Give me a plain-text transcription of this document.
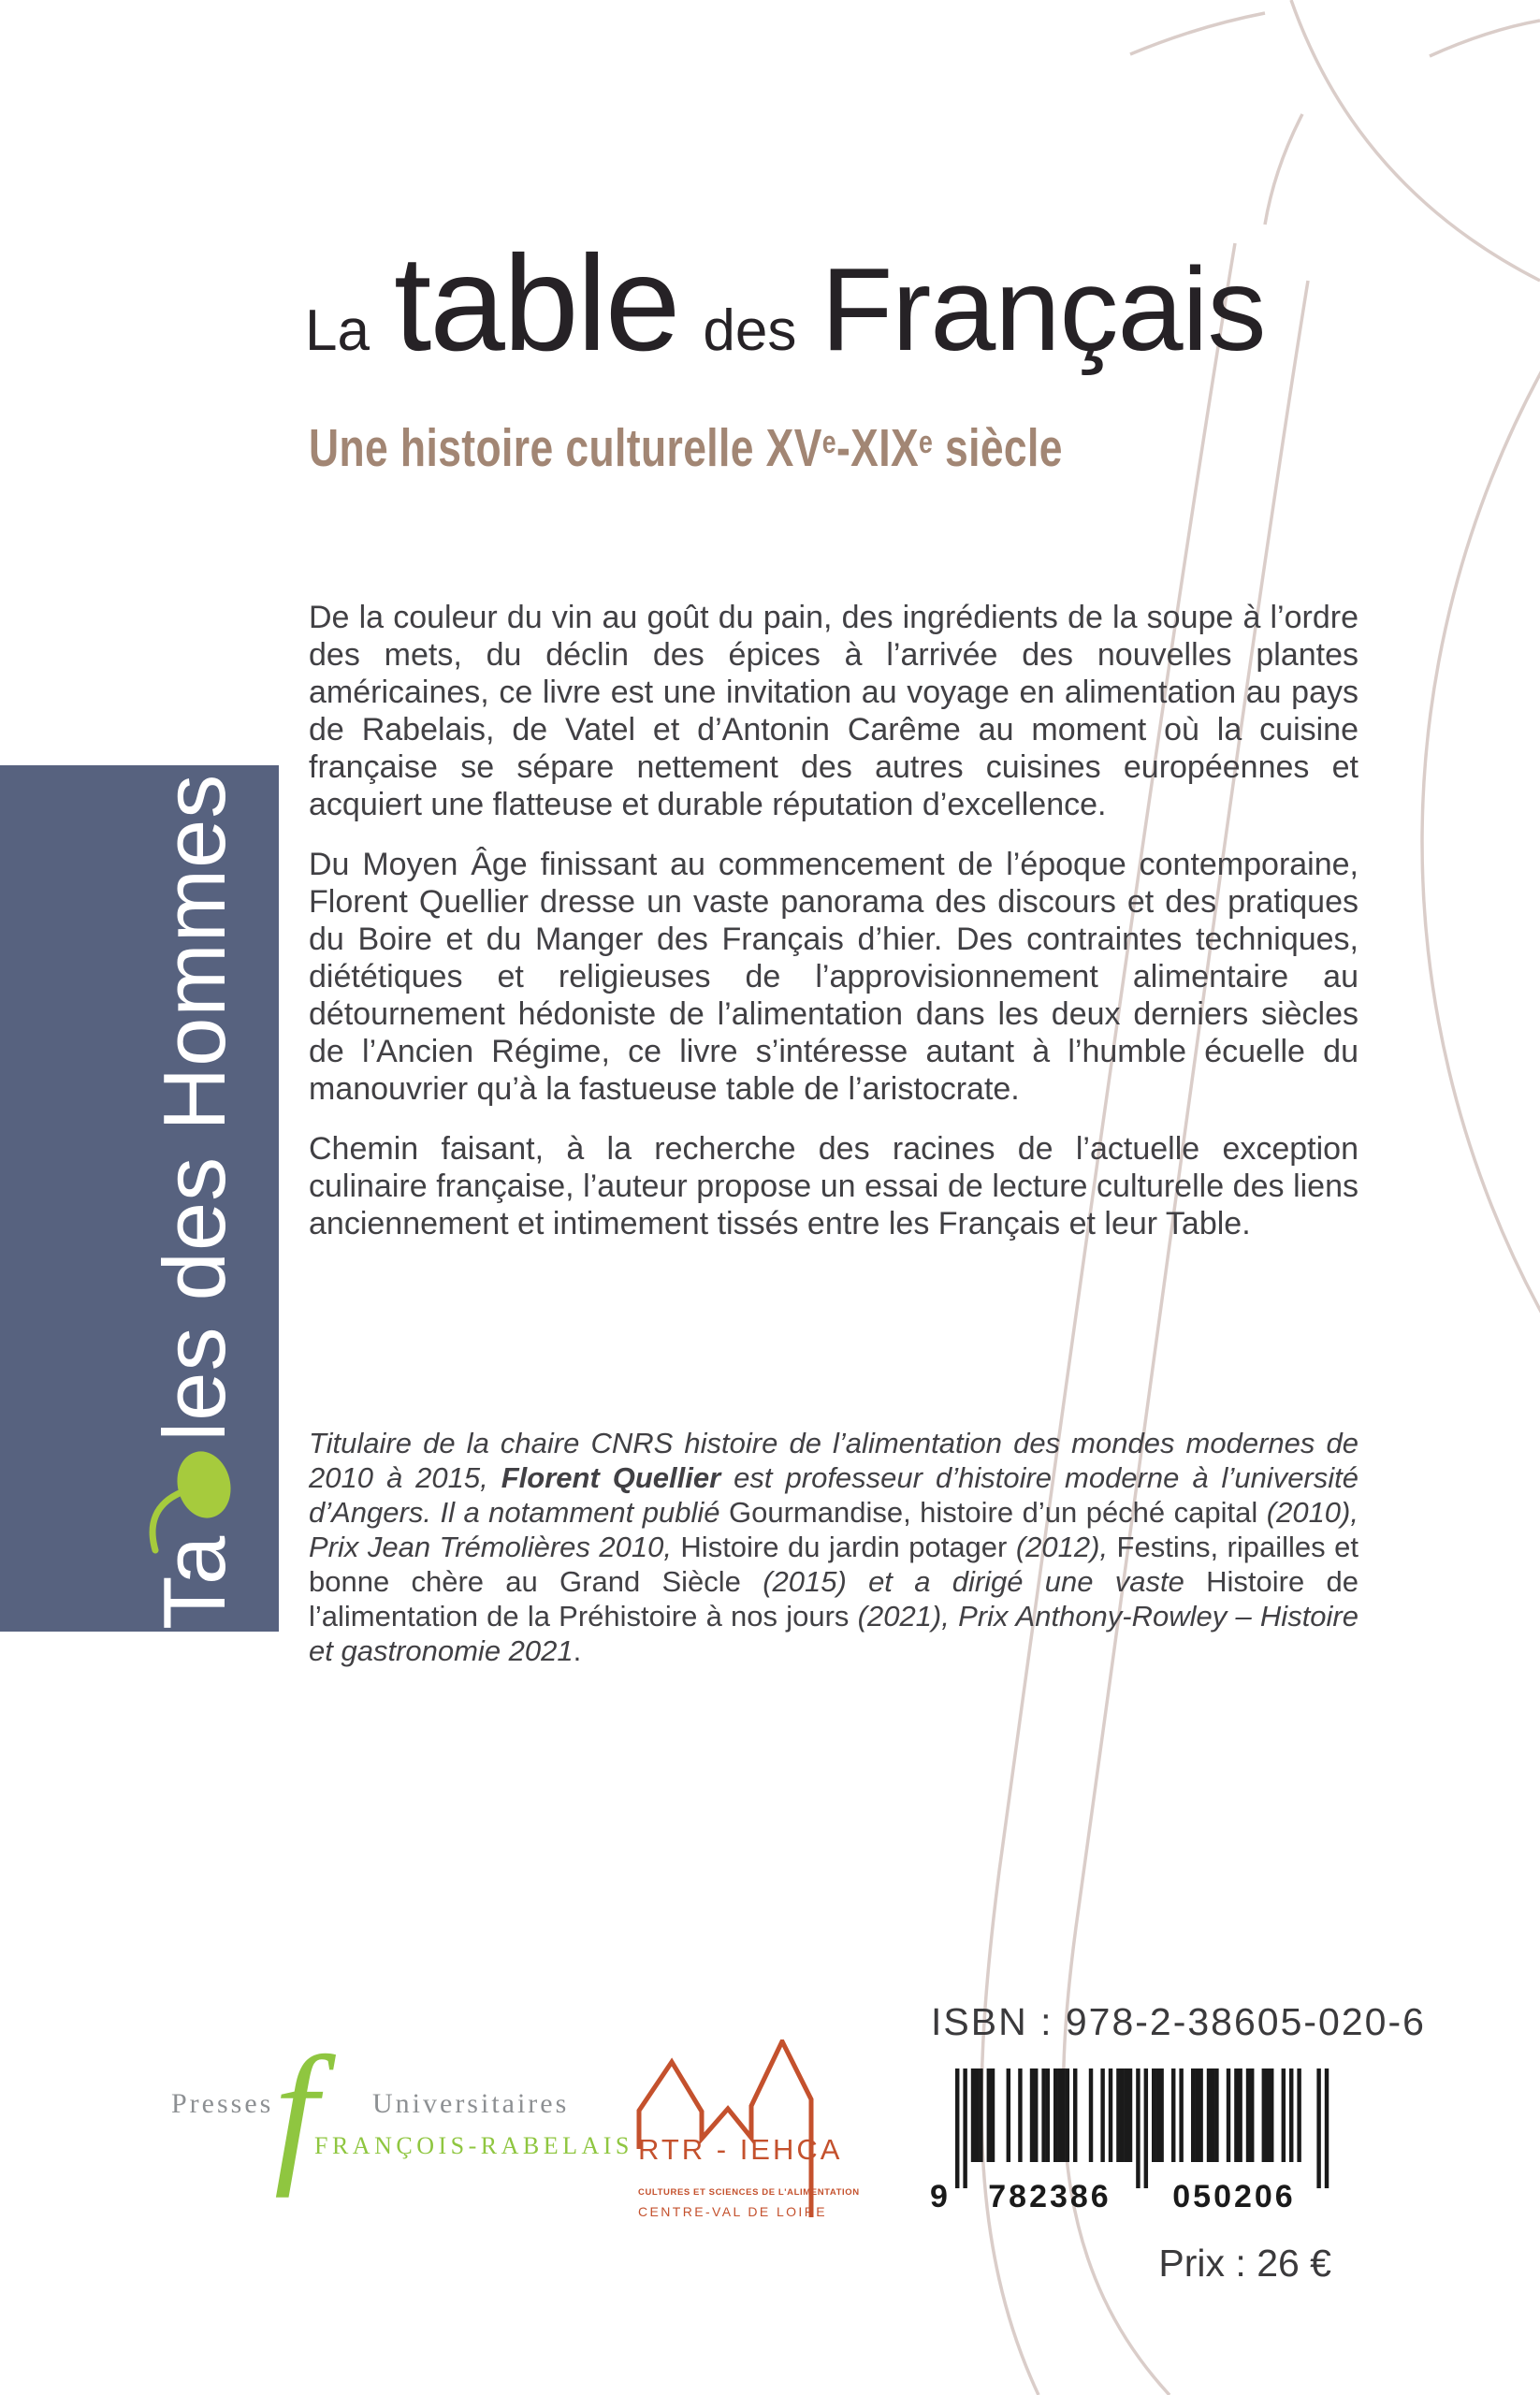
La table des Français
Une histoire culturelle XVe-XIXe siècle

De la couleur du vin au goût du pain, des ingrédients de la soupe à l’ordre des mets, du déclin des épices à l’arrivée des nouvelles plantes américaines, ce livre est une invitation au voyage en alimentation au pays de Rabelais, de Vatel et d’Antonin Carême au moment où la cuisine française se sépare nettement des autres cuisines européennes et acquiert une flatteuse et durable réputation d’excellence.

Du Moyen Âge finissant au commencement de l’époque contemporaine, Florent Quellier dresse un vaste panorama des discours et des pratiques du Boire et du Manger des Français d’hier. Des contraintes techniques, diététiques et religieuses de l’approvisionnement alimentaire au détournement hédoniste de l’alimentation dans les deux derniers siècles de l’Ancien Régime, ce livre s’intéresse autant à l’humble écuelle du manouvrier qu’à la fastueuse table de l’aristocrate.

Chemin faisant, à la recherche des racines de l’actuelle exception culinaire française, l’auteur propose un essai de lecture culturelle des liens anciennement et intimement tissés entre les Français et leur Table.

Titulaire de la chaire CNRS histoire de l’alimentation des mondes modernes de 2010 à 2015, Florent Quellier est professeur d’histoire moderne à l’université d’Angers. Il a notamment publié Gourmandise, histoire d’un péché capital (2010), Prix Jean Trémolières 2010, Histoire du jardin potager (2012), Festins, ripailles et bonne chère au Grand Siècle (2015) et a dirigé une vaste Histoire de l’alimentation de la Préhistoire à nos jours (2021), Prix Anthony-Rowley – Histoire et gastronomie 2021.
Tales des Hommes
Presses f Universitaires
FRANÇOIS-RABELAIS RTR - IEHCA
CULTURES ET SCIENCES DE L'ALIMENTATION
CENTRE-VAL DE LOIRE
ISBN : 978-2-38605-020-6
9 782386 050206
Prix : 26 €
